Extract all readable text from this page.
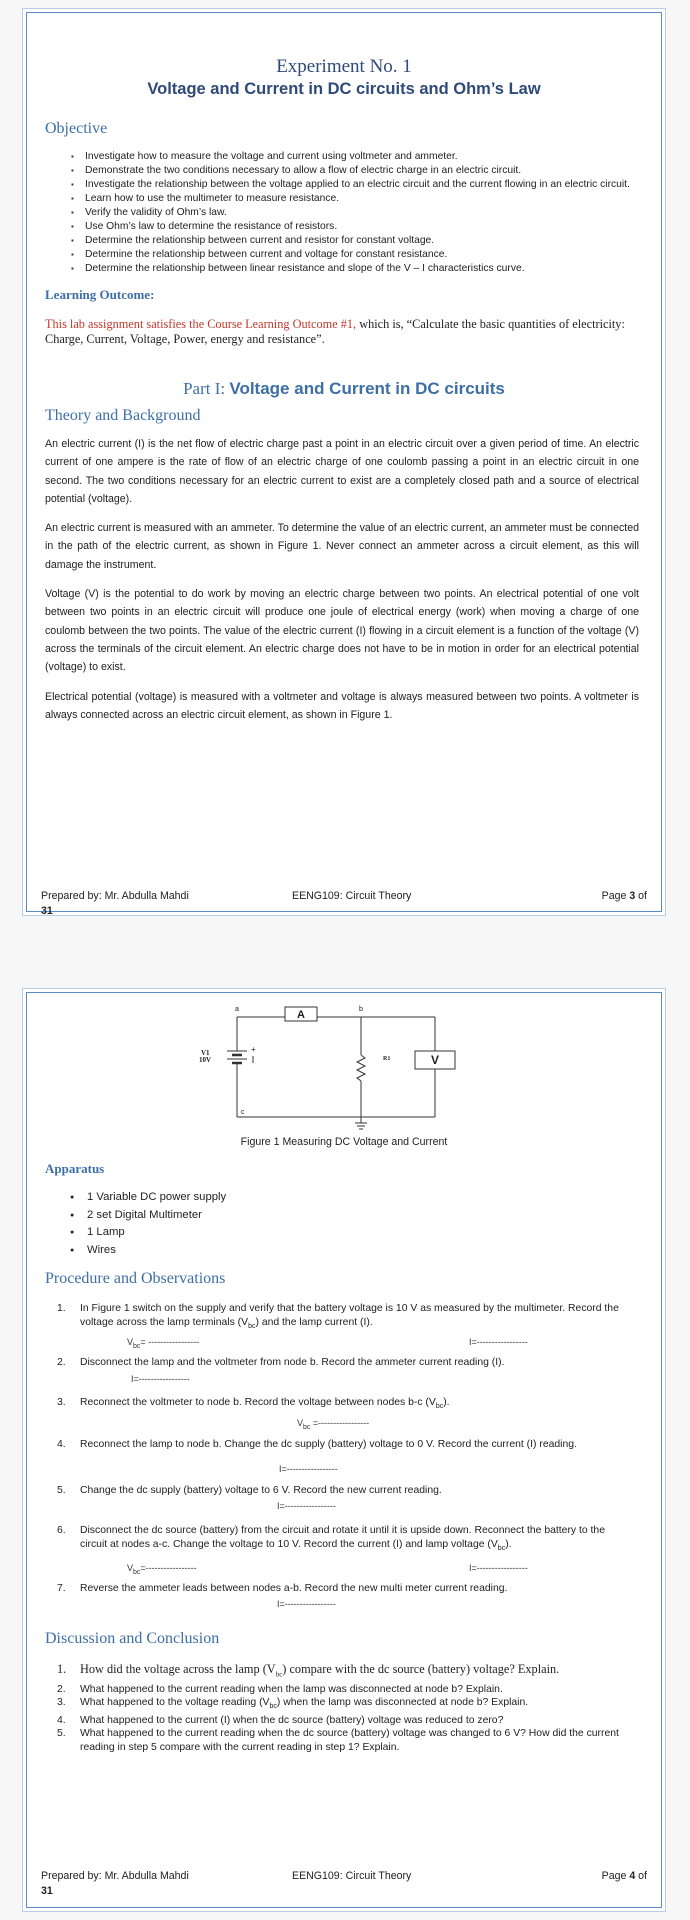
Experiment No. 1
Voltage and Current in DC circuits and Ohm’s Law
Objective
▪ Investigate how to measure the voltage and current using voltmeter and ammeter.
▪ Demonstrate the two conditions necessary to allow a flow of electric charge in an electric circuit.
▪ Investigate the relationship between the voltage applied to an electric circuit and the current flowing in an electric circuit.
▪ Learn how to use the multimeter to measure resistance.
▪ Verify the validity of Ohm’s law.
▪ Use Ohm’s law to determine the resistance of resistors.
▪ Determine the relationship between current and resistor for constant voltage.
▪ Determine the relationship between current and voltage for constant resistance.
▪ Determine the relationship between linear resistance and slope of the V – I characteristics curve.
Learning Outcome:
This lab assignment satisfies the Course Learning Outcome #1, which is, “Calculate the basic quantities of electricity: Charge, Current, Voltage, Power, energy and resistance”.
Part I: Voltage and Current in DC circuits
Theory and Background

An electric current (I) is the net flow of electric charge past a point in an electric circuit over a given period of time. An electric current of one ampere is the rate of flow of an electric charge of one coulomb passing a point in an electric circuit in one second. The two conditions necessary for an electric current to exist are a completely closed path and a source of electrical potential (voltage).

An electric current is measured with an ammeter. To determine the value of an electric current, an ammeter must be connected in the path of the electric current, as shown in Figure 1. Never connect an ammeter across a circuit element, as this will damage the instrument.

Voltage (V) is the potential to do work by moving an electric charge between two points. An electrical potential of one volt between two points in an electric circuit will produce one joule of electrical energy (work) when moving a charge of one coulomb between the two points. The value of the electric current (I) flowing in a circuit element is a function of the voltage (V) across the terminals of the circuit element. An electric charge does not have to be in motion in order for an electrical potential (voltage) to exist.

Electrical potential (voltage) is measured with a voltmeter and voltage is always measured between two points. A voltmeter is always connected across an electric circuit element, as shown in Figure 1.

Prepared by: Mr. Abdulla Mahdi	EENG109: Circuit Theory	Page 3 of
31
A
V
a	b
c
+
V1
10V	R1
Figure 1 Measuring DC Voltage and Current
Apparatus
● 1 Variable DC power supply
● 2 set Digital Multimeter
● 1 Lamp
● Wires
Procedure and Observations
1. In Figure 1 switch on the supply and verify that the battery voltage is 10 V as measured by the multimeter. Record the voltage across the lamp terminals $(V_{bc})$ and the lamp current (I).
$V_{bc}=$ -----------------	I=-----------------
2. Disconnect the lamp and the voltmeter from node b. Record the ammeter current reading (I).
I=-----------------
3. Reconnect the voltmeter to node b. Record the voltage between nodes b-c $(V_{bc})$.
$V_{bc}$ =-----------------
4. Reconnect the lamp to node b. Change the dc supply (battery) voltage to 0 V. Record the current (I) reading.
I=-----------------
5. Change the dc supply (battery) voltage to 6 V. Record the new current reading.
I=-----------------
6. Disconnect the dc source (battery) from the circuit and rotate it until it is upside down. Reconnect the battery to the circuit at nodes a-c. Change the voltage to 10 V. Record the current (I) and lamp voltage $(V_{bc})$.
$V_{bc}=-----------------$	I=-----------------
7. Reverse the ammeter leads between nodes a-b. Record the new multi meter current reading.
I=-----------------
Discussion and Conclusion
1. How did the voltage across the lamp $(V_{bc})$ compare with the dc source (battery) voltage? Explain.
2. What happened to the current reading when the lamp was disconnected at node b? Explain.
3. What happened to the voltage reading $(V_{bc})$ when the lamp was disconnected at node b? Explain.
4. What happened to the current (I) when the dc source (battery) voltage was reduced to zero?
5. What happened to the current reading when the dc source (battery) voltage was changed to 6 V? How did the current reading in step 5 compare with the current reading in step 1? Explain.
Prepared by: Mr. Abdulla Mahdi	EENG109: Circuit Theory	Page 4 of
31
